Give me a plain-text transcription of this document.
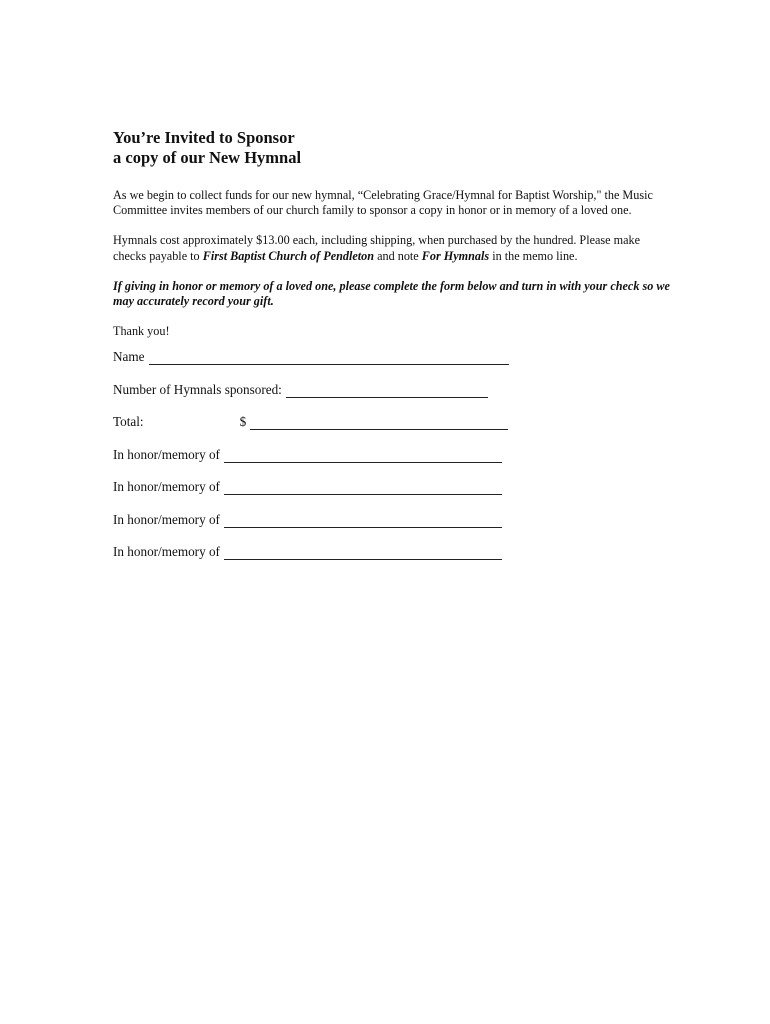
You’re Invited to Sponsor
a copy of our New Hymnal

As we begin to collect funds for our new hymnal, “Celebrating Grace/Hymnal for Baptist Worship," the Music Committee invites members of our church family to sponsor a copy in honor or in memory of a loved one.

Hymnals cost approximately $13.00 each, including shipping, when purchased by the hundred. Please make checks payable to First Baptist Church of Pendleton and note For Hymnals in the memo line.

If giving in honor or memory of a loved one, please complete the form below and turn in with your check so we may accurately record your gift.

Thank you!

Name
Number of Hymnals sponsored:
Total:	$
In honor/memory of
In honor/memory of
In honor/memory of
In honor/memory of
